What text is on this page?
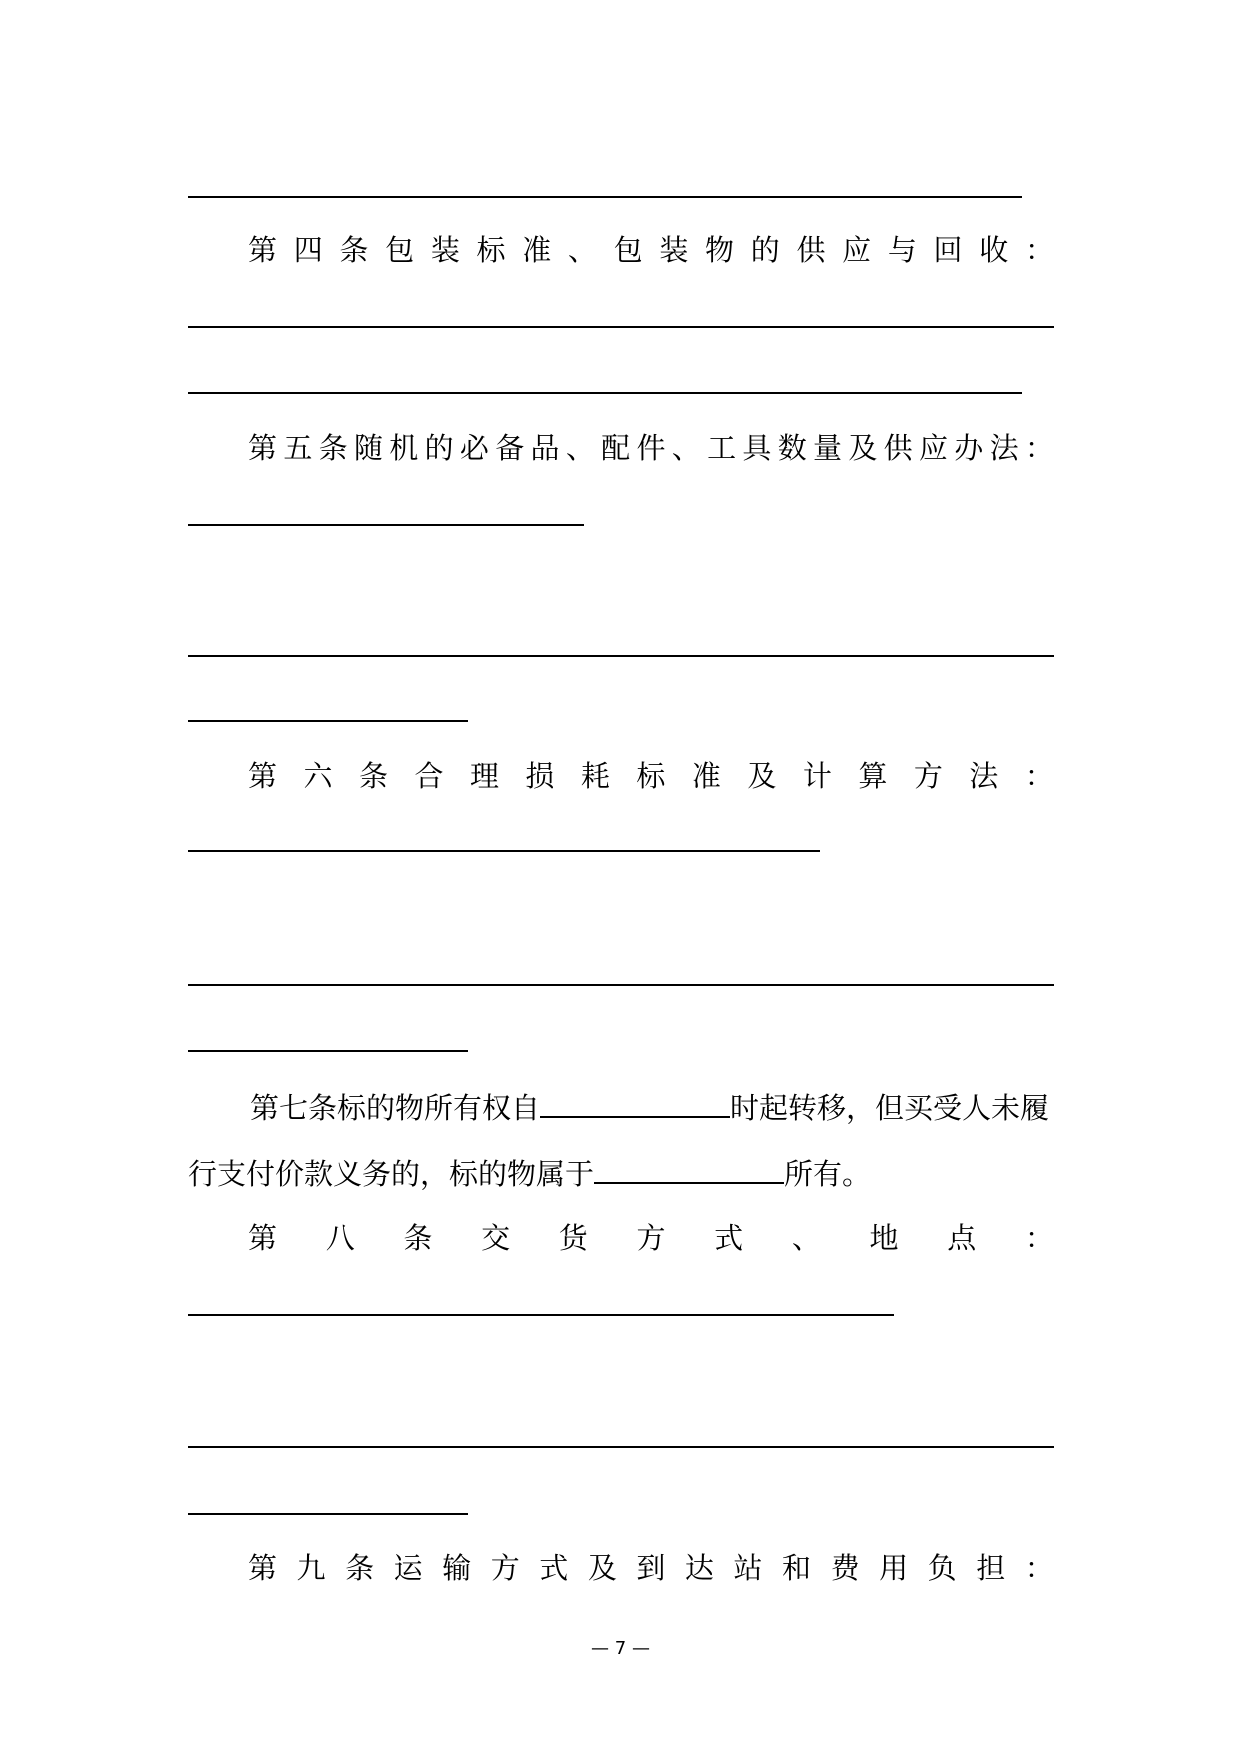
第 四 条 包 装 标 准 、 包 装 物 的 供 应 与 回 收 ：
第 五 条 随 机 的 必 备 品 、 配 件 、 工 具 数 量 及 供 应 办 法 ：
第 六 条 合 理 损 耗 标 准 及 计 算 方 法 ：
第七条标的物所有权自	时起转移，但买受人未履
行支付价款义务的，标的物属于	所有。
第 八 条 交 货 方 式 、 地 点 ：
第 九 条 运 输 方 式 及 到 达 站 和 费 用 负 担 ：
— 7 —
